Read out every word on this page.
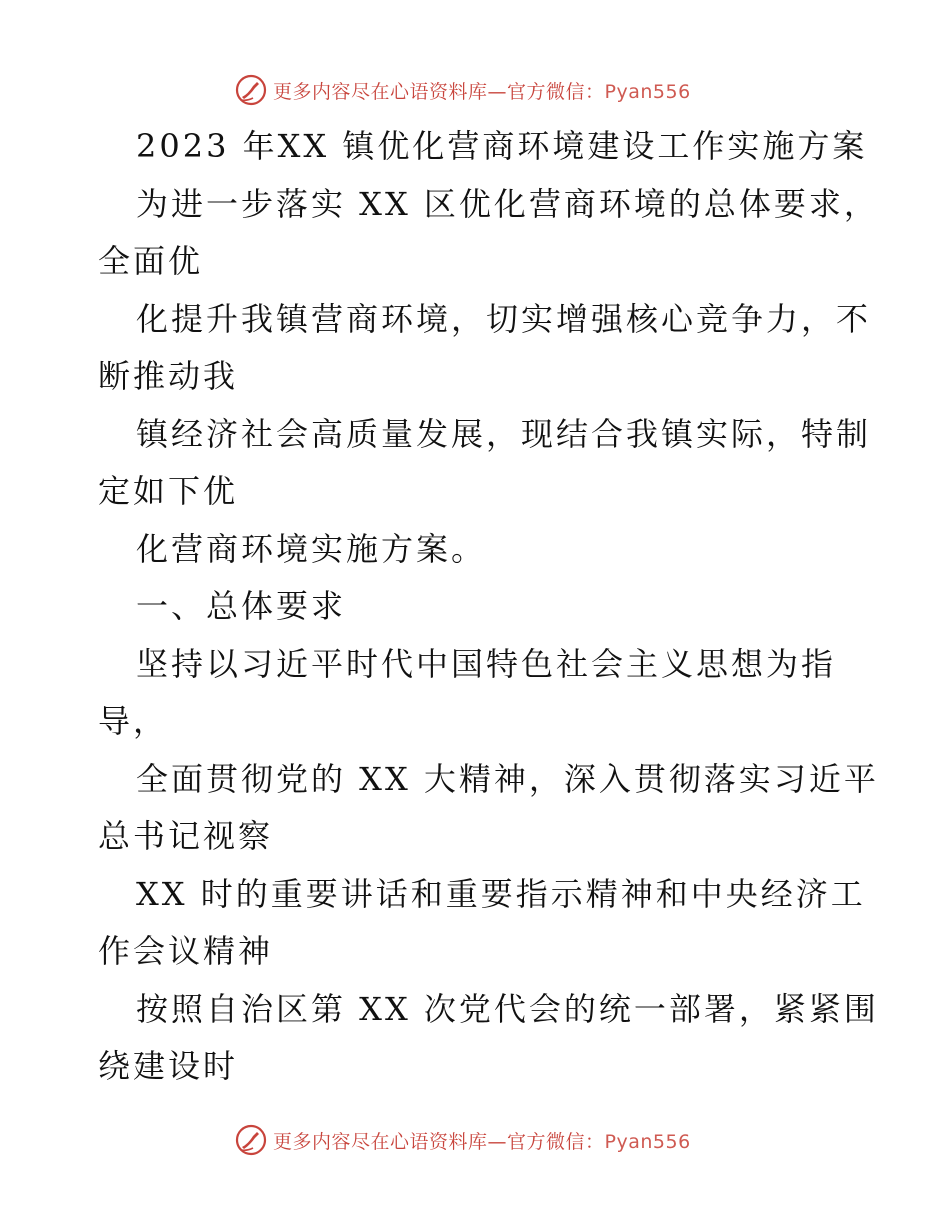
更多内容尽在心语资料库—官方微信：Pyan556
2023 年XX 镇优化营商环境建设工作实施方案
为进一步落实 XX 区优化营商环境的总体要求，
全面优
化提升我镇营商环境，切实增强核心竞争力，不
断推动我
镇经济社会高质量发展，现结合我镇实际，特制
定如下优
化营商环境实施方案。
一、总体要求
坚持以习近平时代中国特色社会主义思想为指
导，
全面贯彻党的 XX 大精神，深入贯彻落实习近平
总书记视察
XX 时的重要讲话和重要指示精神和中央经济工
作会议精神
按照自治区第 XX 次党代会的统一部署，紧紧围
绕建设时
更多内容尽在心语资料库—官方微信：Pyan556
